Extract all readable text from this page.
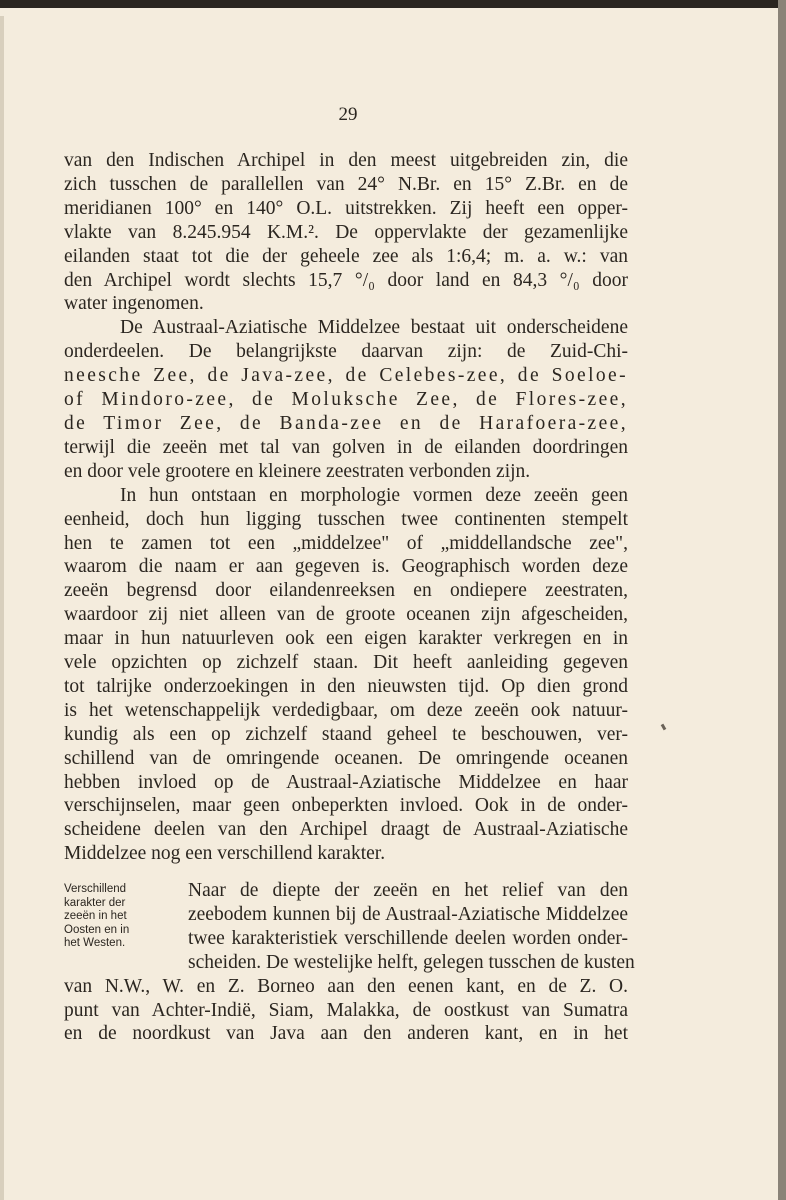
29
van den Indischen Archipel in den meest uitgebreiden zin, die
zich tusschen de parallellen van 24° N.Br. en 15° Z.Br. en de
meridianen 100° en 140° O.L. uitstrekken. Zij heeft een opper-
vlakte van 8.245.954 K.M.². De oppervlakte der gezamenlijke
eilanden staat tot die der geheele zee als 1:6,4; m. a. w.: van
den Archipel wordt slechts 15,7 °/₀ door land en 84,3 °/₀ door
water ingenomen.
De Austraal-Aziatische Middelzee bestaat uit onderscheidene
onderdeelen. De belangrijkste daarvan zijn: de Zuid-Chi-
neesche Zee, de Java-zee, de Celebes-zee, de Soeloe-
of Mindoro-zee, de Moluksche Zee, de Flores-zee,
de Timor Zee, de Banda-zee en de Harafoera-zee,
terwijl die zeeën met tal van golven in de eilanden doordringen
en door vele grootere en kleinere zeestraten verbonden zijn.
In hun ontstaan en morphologie vormen deze zeeën geen
eenheid, doch hun ligging tusschen twee continenten stempelt
hen te zamen tot een „middelzee" of „middellandsche zee",
waarom die naam er aan gegeven is. Geographisch worden deze
zeeën begrensd door eilandenreeksen en ondiepere zeestraten,
waardoor zij niet alleen van de groote oceanen zijn afgescheiden,
maar in hun natuurleven ook een eigen karakter verkregen en in
vele opzichten op zichzelf staan. Dit heeft aanleiding gegeven
tot talrijke onderzoekingen in den nieuwsten tijd. Op dien grond
is het wetenschappelijk verdedigbaar, om deze zeeën ook natuur-
kundig als een op zichzelf staand geheel te beschouwen, ver-
schillend van de omringende oceanen. De omringende oceanen
hebben invloed op de Austraal-Aziatische Middelzee en haar
verschijnselen, maar geen onbeperkten invloed. Ook in de onder-
scheidene deelen van den Archipel draagt de Austraal-Aziatische
Middelzee nog een verschillend karakter.
Verschillend
karakter der
zeeën in het
Oosten en in
het Westen.
Naar de diepte der zeeën en het relief van den
zeebodem kunnen bij de Austraal-Aziatische Middelzee
twee karakteristiek verschillende deelen worden onder-
scheiden. De westelijke helft, gelegen tusschen de kusten
van N.W., W. en Z. Borneo aan den eenen kant, en de Z. O.
punt van Achter-Indië, Siam, Malakka, de oostkust van Sumatra
en de noordkust van Java aan den anderen kant, en in het
